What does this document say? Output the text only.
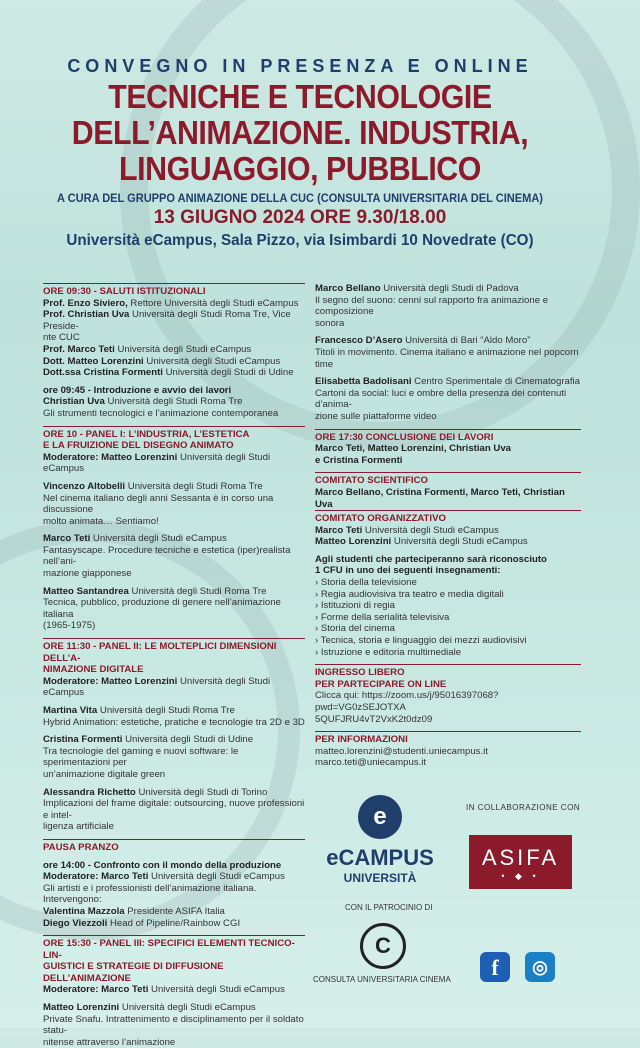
CONVEGNO IN PRESENZA E ONLINE
TECNICHE E TECNOLOGIE
DELL’ANIMAZIONE. INDUSTRIA,
LINGUAGGIO, PUBBLICO
A CURA DEL GRUPPO ANIMAZIONE DELLA CUC (CONSULTA UNIVERSITARIA DEL CINEMA)
13 GIUGNO 2024 ORE 9.30/18.00
Università eCampus, Sala Pizzo, via Isimbardi 10 Novedrate (CO)
ORE 09:30 - SALUTI ISTITUZIONALI
Prof. Enzo Siviero, Rettore Università degli Studi eCampus
Prof. Christian Uva Università degli Studi Roma Tre, Vice Preside-
nte CUC
Prof. Marco Teti Università degli Studi eCampus
Dott. Matteo Lorenzini Università degli Studi eCampus
Dott.ssa Cristina Formenti Università degli Studi di Udine
ore 09:45 - Introduzione e avvio dei lavori
Christian Uva Università degli Studi Roma Tre
Gli strumenti tecnologici e l’animazione contemporanea
ORE 10 - PANEL I: L’INDUSTRIA, L’ESTETICA
E LA FRUIZIONE DEL DISEGNO ANIMATO
Moderatore: Matteo Lorenzini Università degli Studi eCampus
Vincenzo Altobelli Università degli Studi Roma Tre
Nel cinema italiano degli anni Sessanta è in corso una discussione
molto animata… Sentiamo!
Marco Teti Università degli Studi eCampus
Fantasyscape. Procedure tecniche e estetica (iper)realista nell’ani-
mazione giapponese
Matteo Santandrea Università degli Studi Roma Tre
Tecnica, pubblico, produzione di genere nell’animazione italiana
(1965-1975)
ORE 11:30 - PANEL II: LE MOLTEPLICI DIMENSIONI DELL’A-
NIMAZIONE DIGITALE
Moderatore: Matteo Lorenzini Università degli Studi eCampus
Martina Vita Università degli Studi Roma Tre
Hybrid Animation: estetiche, pratiche e tecnologie tra 2D e 3D
Cristina Formenti Università degli Studi di Udine
Tra tecnologie del gaming e nuovi software: le sperimentazioni per
un’animazione digitale green
Alessandra Richetto Università degli Studi di Torino
Implicazioni del frame digitale: outsourcing, nuove professioni e intel-
ligenza artificiale
PAUSA PRANZO
ore 14:00 - Confronto con il mondo della produzione
Moderatore: Marco Teti Università degli Studi eCampus
Gli artisti e i professionisti dell’animazione italiana. Intervengono:
Valentina Mazzola Presidente ASIFA Italia
Diego Viezzoli Head of Pipeline/Rainbow CGI
ORE 15:30 - PANEL III: SPECIFICI ELEMENTI TECNICO-LIN-
GUISTICI E STRATEGIE DI DIFFUSIONE DELL’ANIMAZIONE
Moderatore: Marco Teti Università degli Studi eCampus
Matteo Lorenzini Università degli Studi eCampus
Private Snafu. Intrattenimento e disciplinamento per il soldato statu-
nitense attraverso l’animazione
Marco Bellano Università degli Studi di Padova
Il segno del suono: cenni sul rapporto fra animazione e composizione
sonora
Francesco D’Asero Università di Bari “Aldo Moro”
Titoli in movimento. Cinema italiano e animazione nel popcorn time
Elisabetta Badolisani Centro Sperimentale di Cinematografia
Cartoni da social: luci e ombre della presenza dei contenuti d’anima-
zione sulle piattaforme video
ORE 17:30 CONCLUSIONE DEI LAVORI
Marco Teti, Matteo Lorenzini, Christian Uva
e Cristina Formenti
COMITATO SCIENTIFICO
Marco Bellano, Cristina Formenti, Marco Teti, Christian Uva
COMITATO ORGANIZZATIVO
Marco Teti Università degli Studi eCampus
Matteo Lorenzini Università degli Studi eCampus
Agli studenti che parteciperanno sarà riconosciuto
1 CFU in uno dei seguenti insegnamenti:
› Storia della televisione
› Regia audiovisiva tra teatro e media digitali
› Istituzioni di regia
› Forme della serialità televisiva
› Storia del cinema
› Tecnica, storia e linguaggio dei mezzi audiovisivi
› Istruzione e editoria multimediale
INGRESSO LIBERO
PER PARTECIPARE ON LINE
Clicca qui: https://zoom.us/j/95016397068?pwd=VG0zSEJOTXA
5QUFJRU4vT2VxK2t0dz09
PER INFORMAZIONI
matteo.lorenzini@studenti.uniecampus.it
marco.teti@uniecampus.it
e
eCAMPUS
UNIVERSITÀ
IN COLLABORAZIONE CON
ASIFA
• ◆ •
CON IL PATROCINIO DI
C
CONSULTA UNIVERSITARIA CINEMA	f	◎
